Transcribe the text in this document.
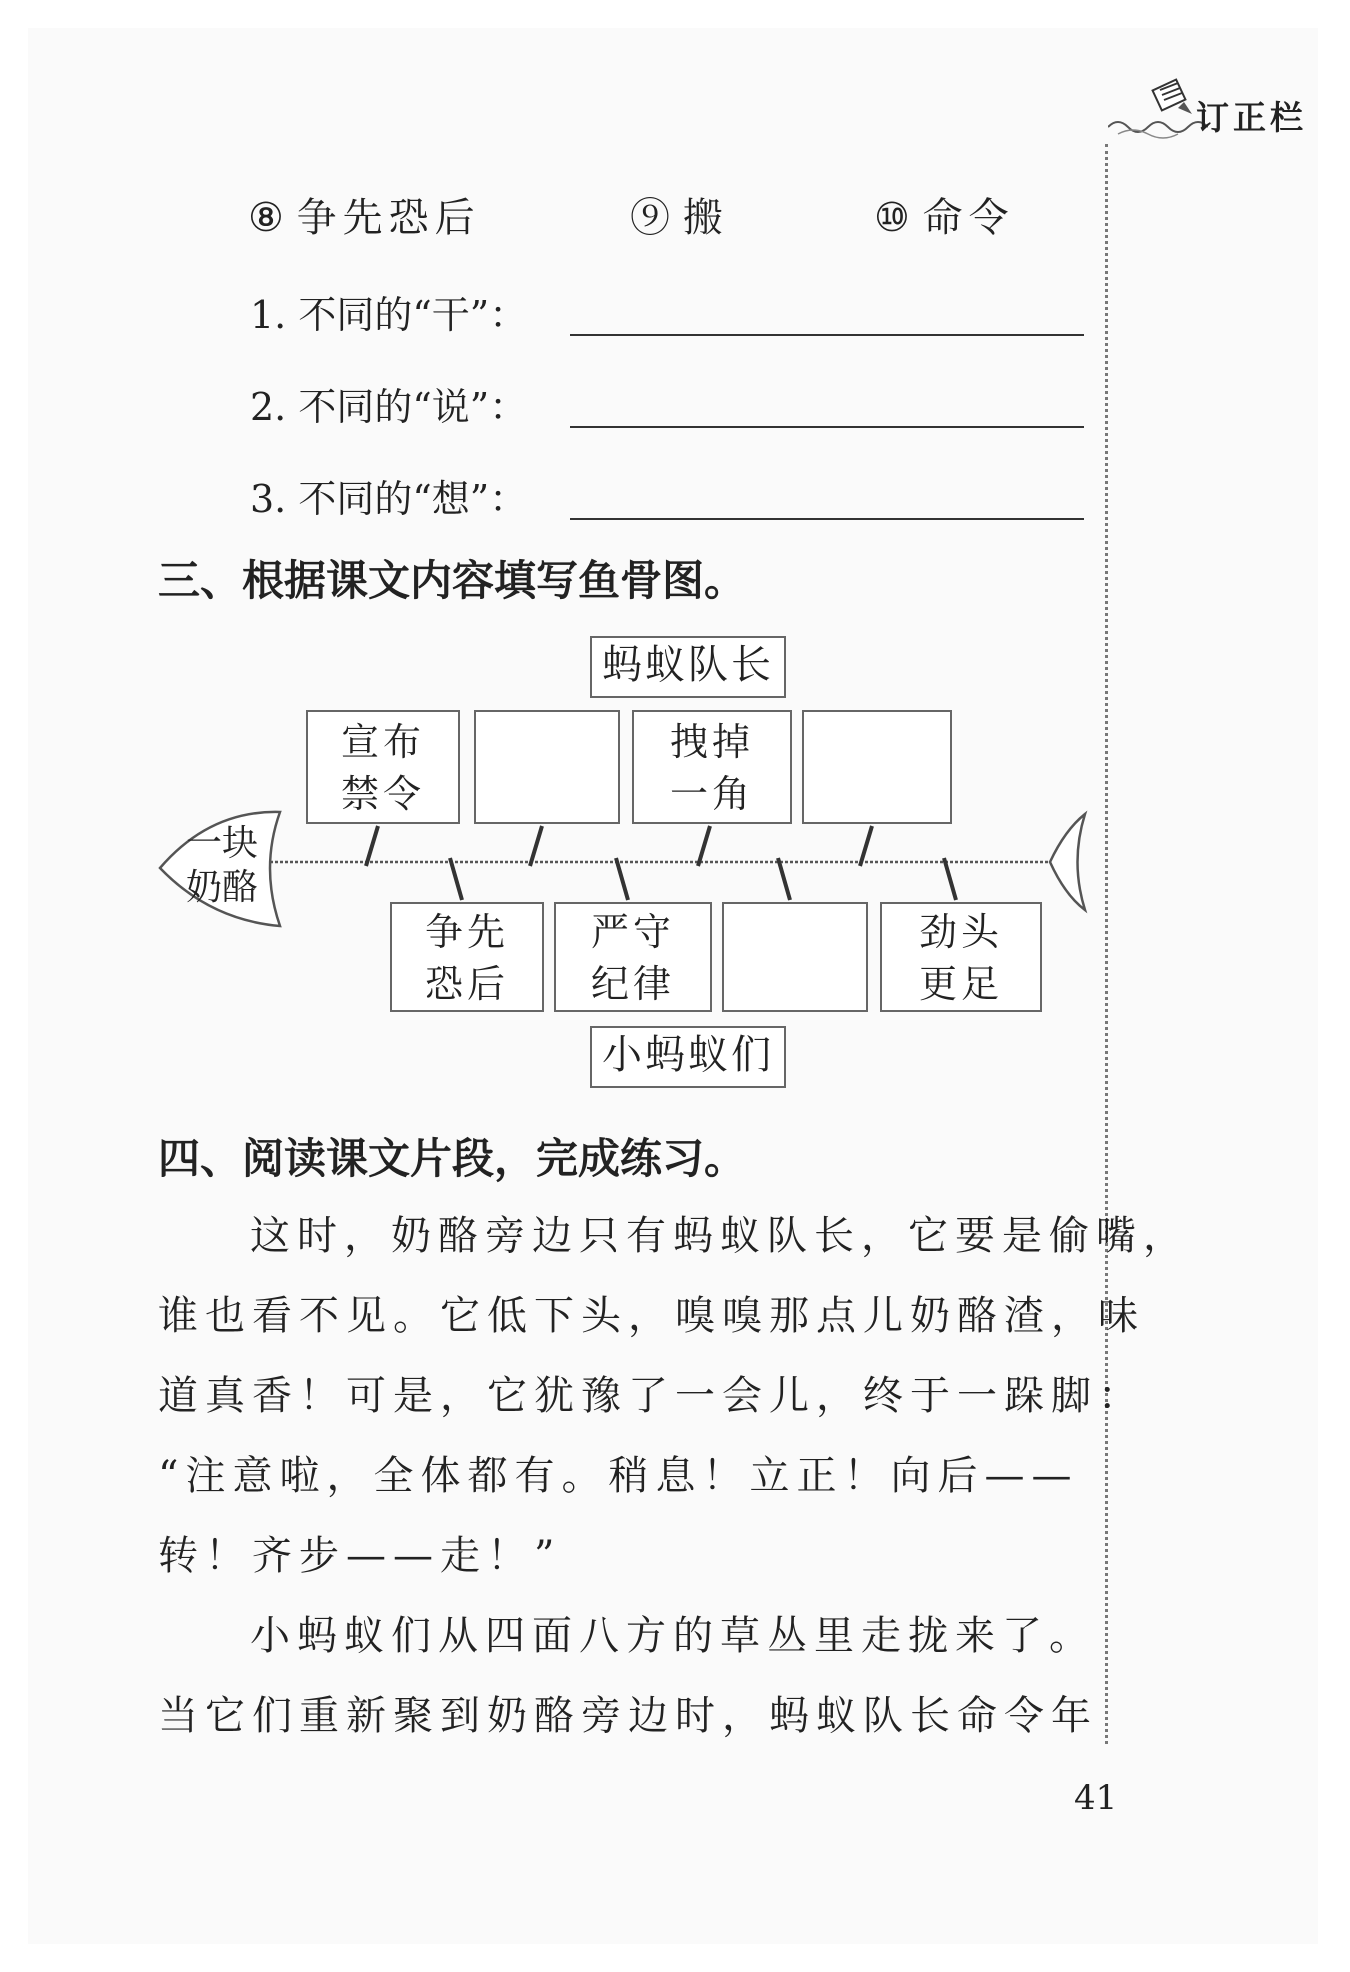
订正栏
⑧ 争先恐后	⑨ 搬	⑩ 命令
1. 不同的“干”：
2. 不同的“说”：
3. 不同的“想”：
三、根据课文内容填写鱼骨图。
一块
奶酪
蚂蚁队长
小蚂蚁们
宣布
禁令
拽掉
一角
争先
恐后
严守
纪律
劲头
更足
四、阅读课文片段，完成练习。
这时，奶酪旁边只有蚂蚁队长，它要是偷嘴，
谁也看不见。它低下头，嗅嗅那点儿奶酪渣，味
道真香！可是，它犹豫了一会儿，终于一跺脚：
“注意啦，全体都有。稍息！立正！向后——
转！齐步——走！”
小蚂蚁们从四面八方的草丛里走拢来了。
当它们重新聚到奶酪旁边时，蚂蚁队长命令年
41
